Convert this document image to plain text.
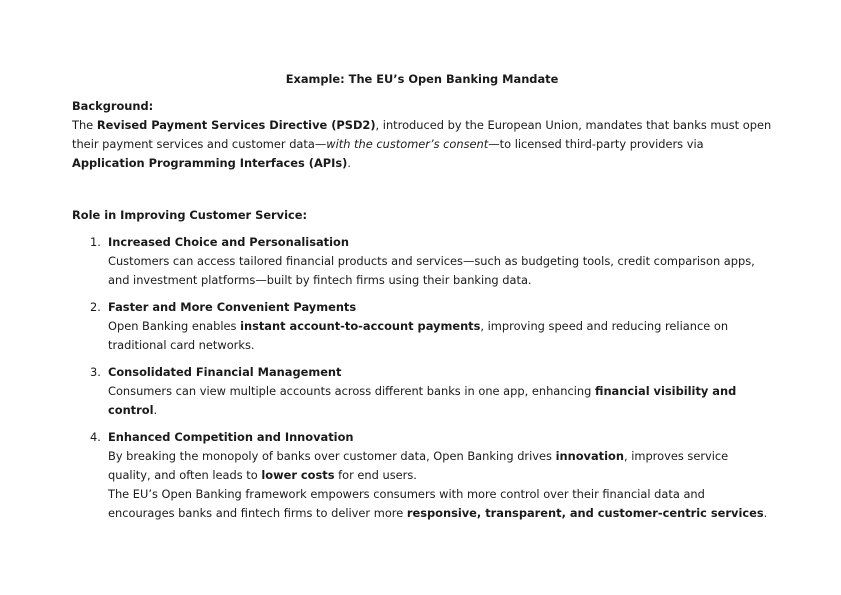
Example: The EU’s Open Banking Mandate
Background:

The Revised Payment Services Directive (PSD2), introduced by the European Union, mandates that banks must open their payment services and customer data—with the customer’s consent—to licensed third-party providers via Application Programming Interfaces (APIs).

Role in Improving Customer Service:
1. Increased Choice and Personalisation
Customers can access tailored financial products and services—such as budgeting tools, credit comparison apps, and investment platforms—built by fintech firms using their banking data.
2. Faster and More Convenient Payments
Open Banking enables instant account-to-account payments, improving speed and reducing reliance on traditional card networks.
3. Consolidated Financial Management
Consumers can view multiple accounts across different banks in one app, enhancing financial visibility and control.
4. Enhanced Competition and Innovation
By breaking the monopoly of banks over customer data, Open Banking drives innovation, improves service quality, and often leads to lower costs for end users.
The EU’s Open Banking framework empowers consumers with more control over their financial data and encourages banks and fintech firms to deliver more responsive, transparent, and customer-centric services.
